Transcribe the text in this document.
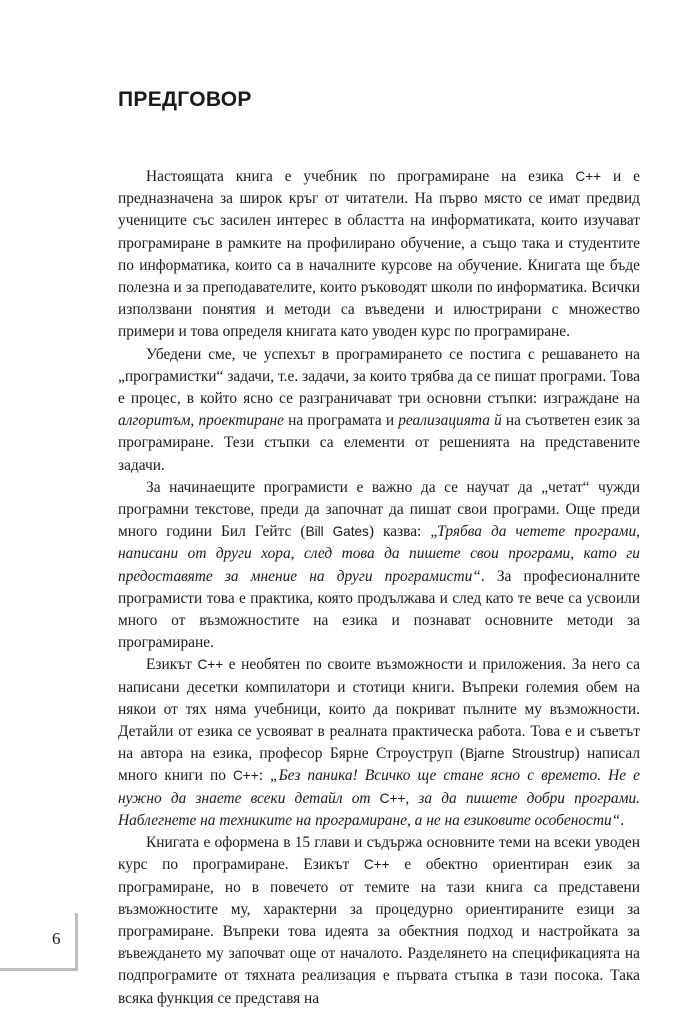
ПРЕДГОВОР

Настоящата книга е учебник по програмиране на езика C++ и е предназначена за широк кръг от читатели. На първо място се имат предвид учениците със засилен интерес в областта на информатиката, които изучават програмиране в рамките на профилирано обучение, а също така и студентите по информатика, които са в началните курсове на обучение. Книгата ще бъде полезна и за преподавателите, които ръководят школи по информатика. Всички използвани понятия и методи са въведени и илюстрирани с множество примери и това определя книгата като уводен курс по програмиране.

Убедени сме, че успехът в програмирането се постига с решаването на „програмистки“ задачи, т.е. задачи, за които трябва да се пишат програми. Това е процес, в който ясно се разграничават три основни стъпки: изграждане на алгоритъм, проектиране на програмата и реализацията й на съответен език за програмиране. Тези стъпки са елементи от решенията на представените задачи.

За начинаещите програмисти е важно да се научат да „четат“ чужди програмни текстове, преди да започнат да пишат свои програми. Още преди много години Бил Гейтс (Bill Gates) казва: „Трябва да четете програми, написани от други хора, след това да пишете свои програми, като ги предоставяте за мнение на други програмисти“. За професионалните програмисти това е практика, която продължава и след като те вече са усвоили много от възможностите на езика и познават основните методи за програмиране.

Езикът C++ е необятен по своите възможности и приложения. За него са написани десетки компилатори и стотици книги. Въпреки големия обем на някои от тях няма учебници, които да покриват пълните му възможности. Детайли от езика се усвояват в реалната практическа работа. Това е и съветът на автора на езика, професор Бярне Строуструп (Bjarne Stroustrup) написал много книги по C++: „Без паника! Всичко ще стане ясно с времето. Не е нужно да знаете всеки детайл от C++, за да пишете добри програми. Наблегнете на техниките на програмиране, а не на езиковите особености“.

Книгата е оформена в 15 глави и съдържа основните теми на всеки уводен курс по програмиране. Езикът C++ е обектно ориентиран език за програмиране, но в повечето от темите на тази книга са представени възможностите му, характерни за процедурно ориентираните езици за програмиране. Въпреки това идеята за обектния подход и настройката за въвеждането му започват още от началото. Разделянето на спецификацията на подпрограмите от тяхната реализация е първата стъпка в тази посока. Така всяка функция се представя на

6
